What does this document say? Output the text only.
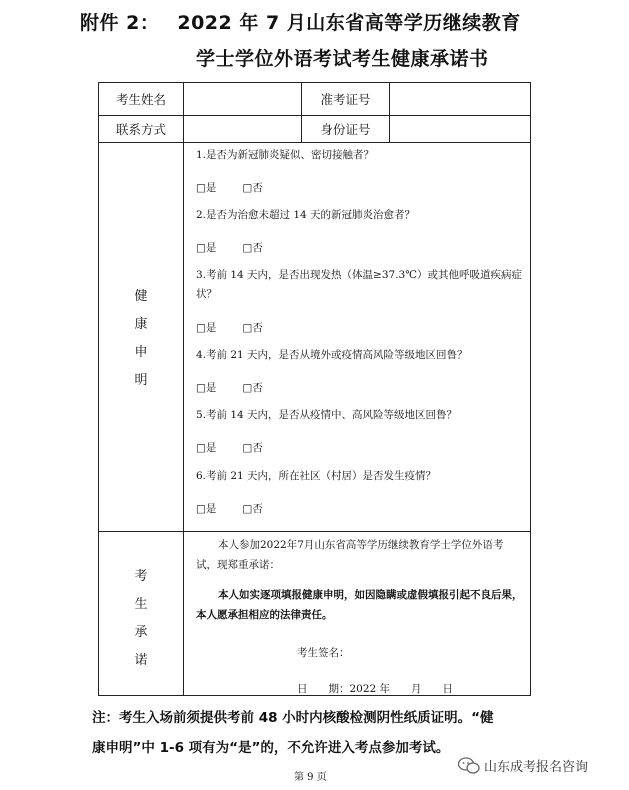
附件 2： 2022 年 7 月山东省高等学历继续教育
学士学位外语考试考生健康承诺书
考生姓名	准考证号
联系方式	身份证号
健
康
申
明
1.是否为新冠肺炎疑似、密切接触者？
□是 □否
2.是否为治愈未超过 14 天的新冠肺炎治愈者？
□是 □否
3.考前 14 天内，是否出现发热（体温≥37.3℃）或其他呼吸道疾病症状？
□是 □否
4.考前 21 天内，是否从境外或疫情高风险等级地区回鲁？
□是 □否
5.考前 14 天内，是否从疫情中、高风险等级地区回鲁？
□是 □否
6.考前 21 天内，所在社区（村居）是否发生疫情？
□是 □否
考
生
承
诺
本人参加2022年7月山东省高等学历继续教育学士学位外语考试，现郑重承诺：
本人如实逐项填报健康申明，如因隐瞒或虚假填报引起不良后果，
本人愿承担相应的法律责任。
考生签名：
日　　期：2022 年　　月　　日
注：考生入场前须提供考前 48 小时内核酸检测阴性纸质证明。“健
康申明”中 1-6 项有为“是”的，不允许进入考点参加考试。
第 9 页
山东成考报名咨询
